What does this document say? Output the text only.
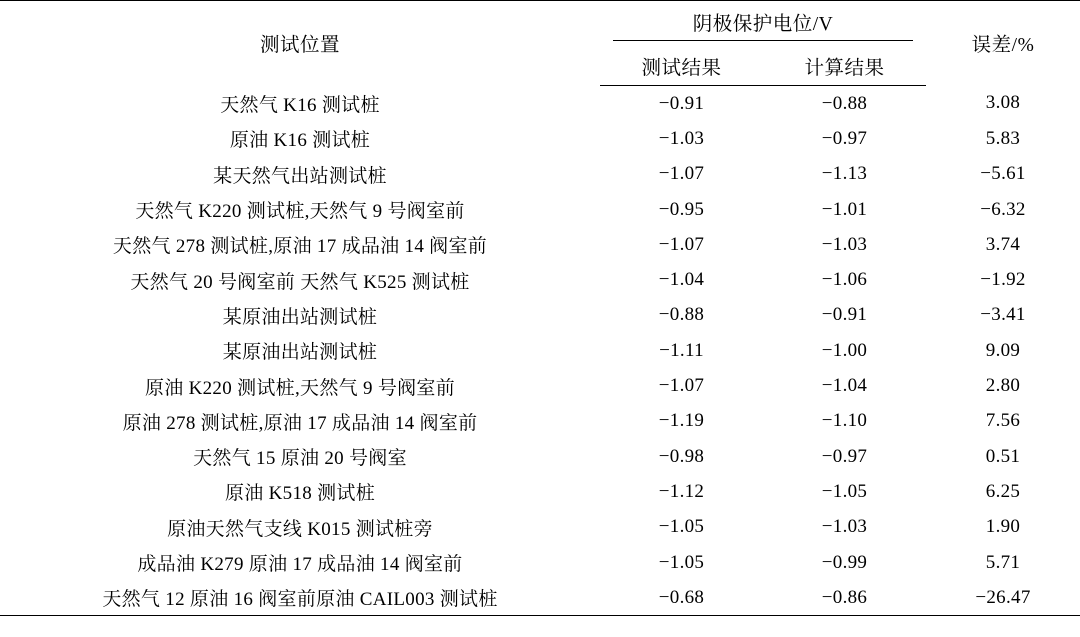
测试位置	阴极保护电位/V		误差/%
	测试结果	计算结果	
天然气 K16 测试桩	−0.91	−0.88	3.08
原油 K16 测试桩	−1.03	−0.97	5.83
某天然气出站测试桩	−1.07	−1.13	−5.61
天然气 K220 测试桩,天然气 9 号阀室前	−0.95	−1.01	−6.32
天然气 278 测试桩,原油 17 成品油 14 阀室前	−1.07	−1.03	3.74
天然气 20 号阀室前 天然气 K525 测试桩	−1.04	−1.06	−1.92
某原油出站测试桩	−0.88	−0.91	−3.41
某原油出站测试桩	−1.11	−1.00	9.09
原油 K220 测试桩,天然气 9 号阀室前	−1.07	−1.04	2.80
原油 278 测试桩,原油 17 成品油 14 阀室前	−1.19	−1.10	7.56
天然气 15 原油 20 号阀室	−0.98	−0.97	0.51
原油 K518 测试桩	−1.12	−1.05	6.25
原油天然气支线 K015 测试桩旁	−1.05	−1.03	1.90
成品油 K279 原油 17 成品油 14 阀室前	−1.05	−0.99	5.71
天然气 12 原油 16 阀室前原油 CAIL003 测试桩	−0.68	−0.86	−26.47
